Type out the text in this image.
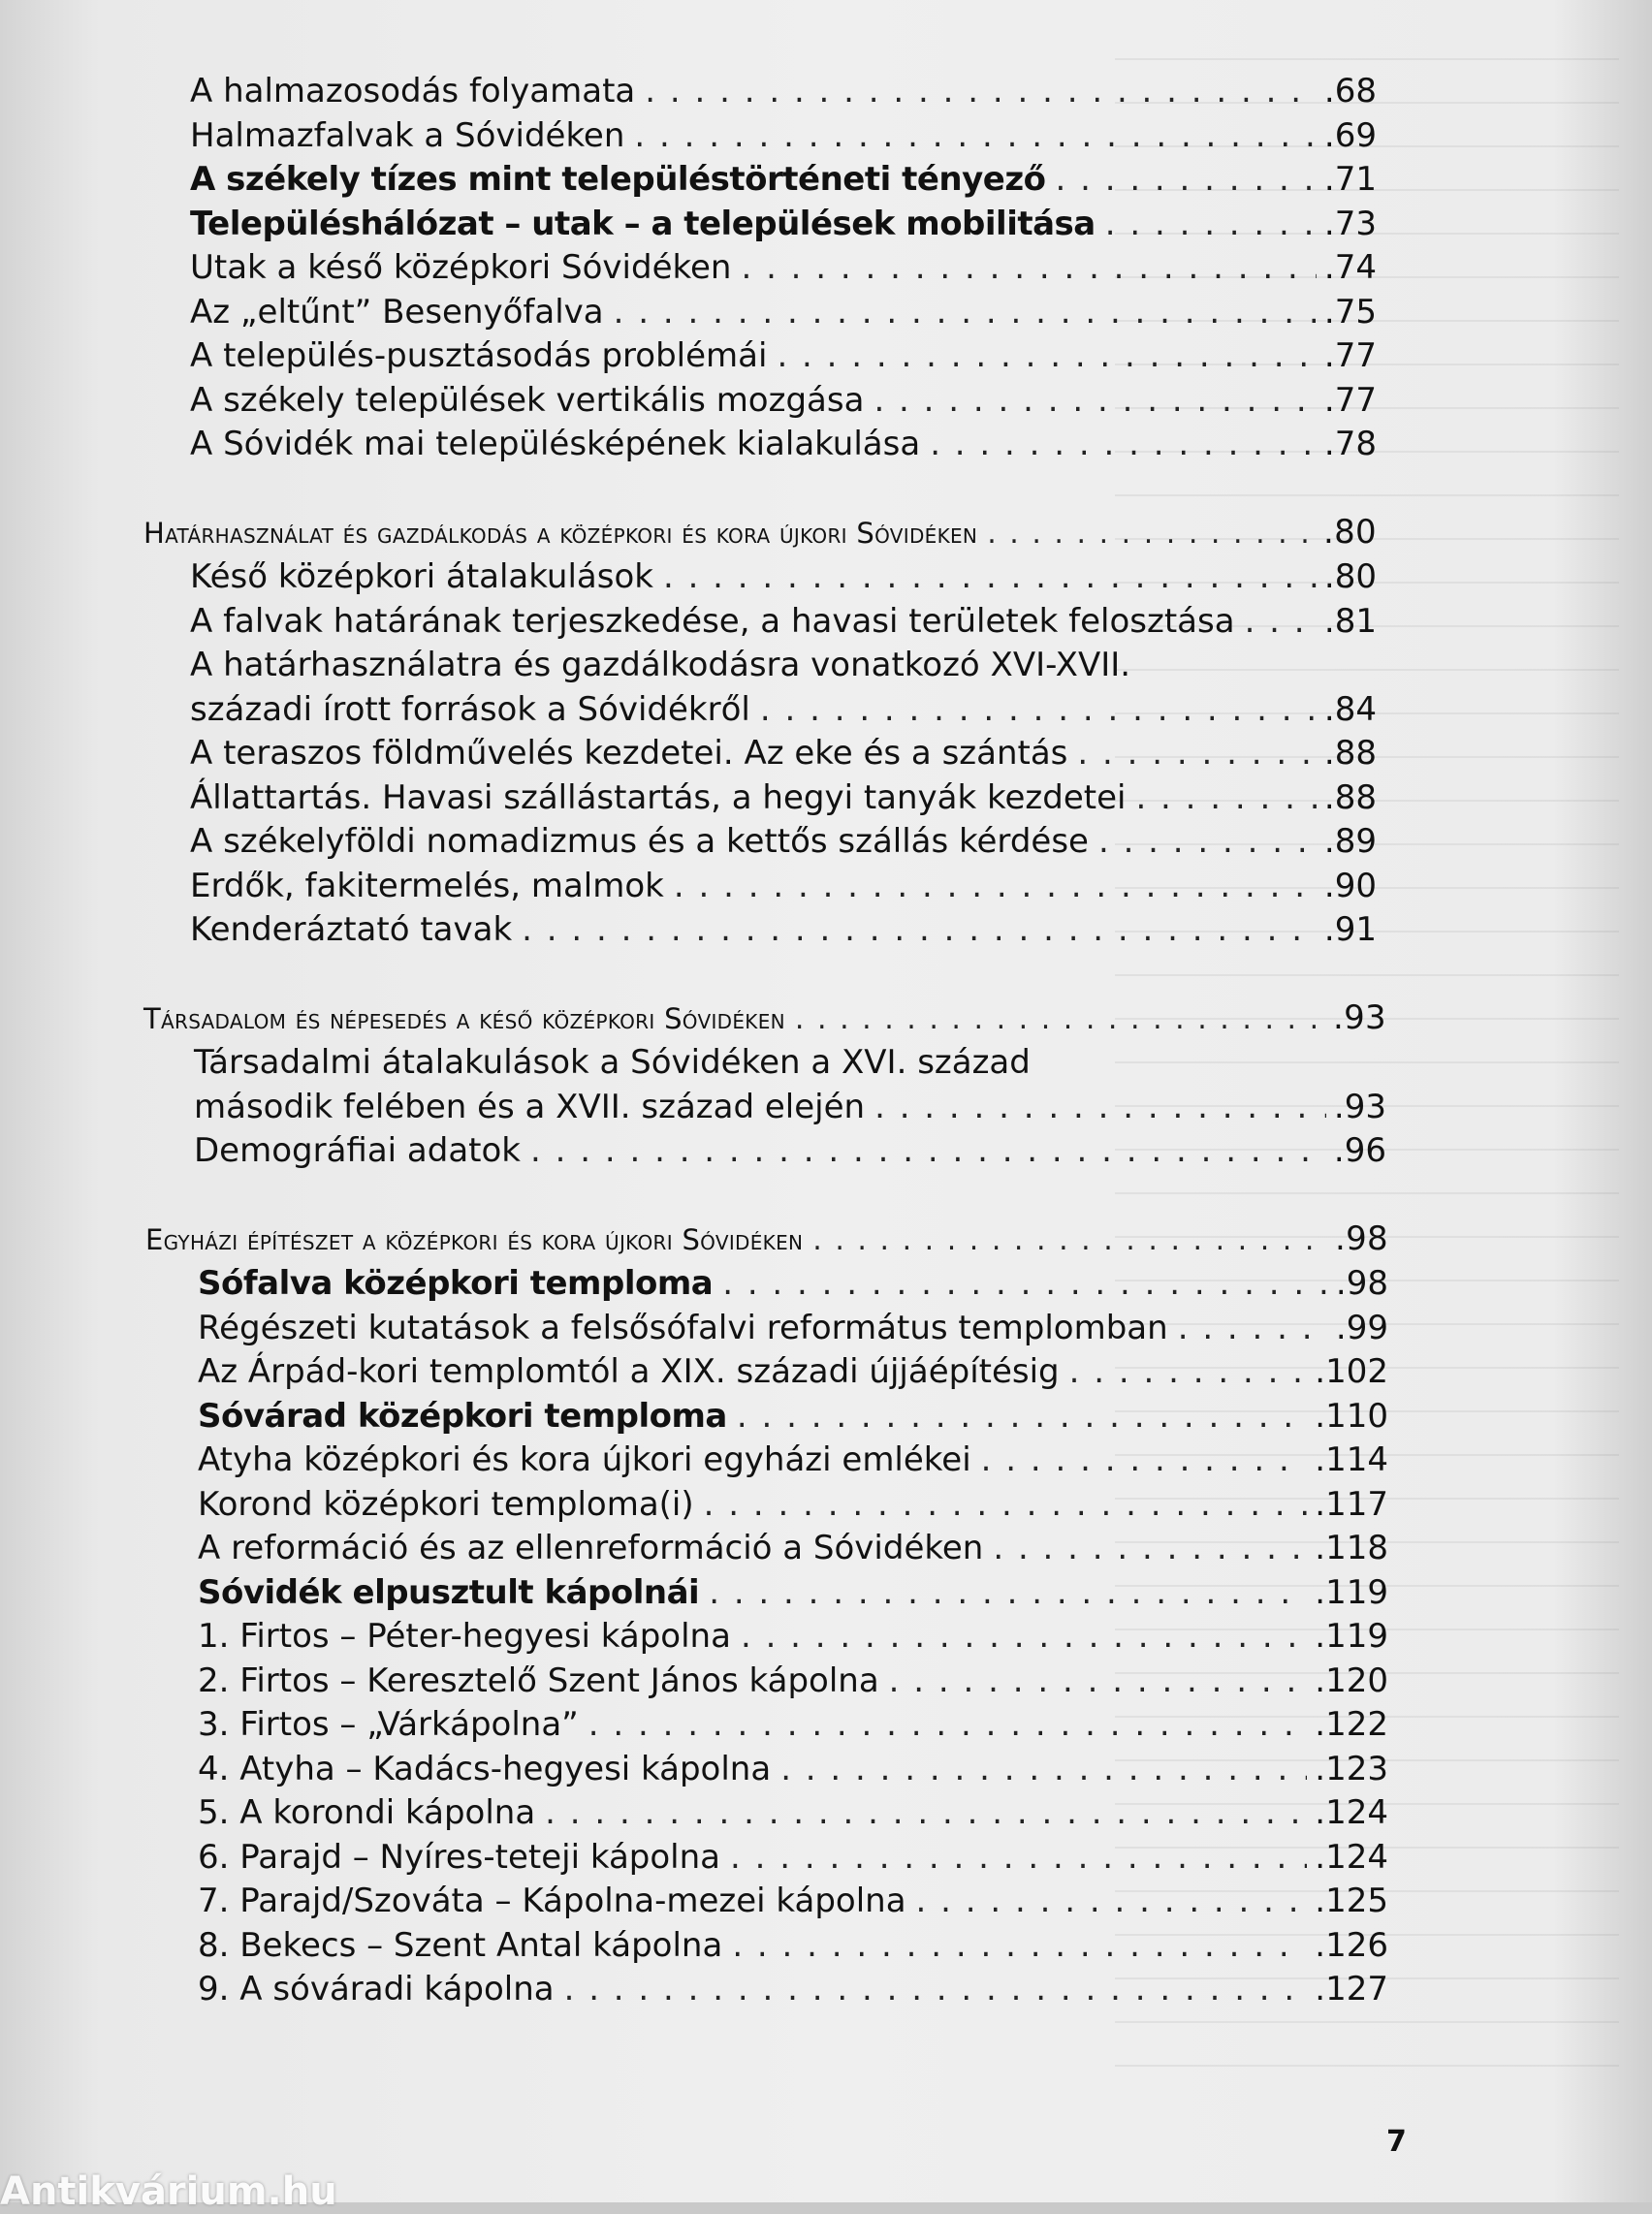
A halmazosodás folyamata . . .	.68
Halmazfalvak a Sóvidéken . . .	.69
A székely tízes mint településtörténeti tényező . . .	.71
Településhálózat – utak – a települések mobilitása . . .	.73
Utak a késő középkori Sóvidéken . . .	.74
Az „eltűnt” Besenyőfalva . . .	.75
A település-pusztásodás problémái . . .	.77
A székely települések vertikális mozgása . . .	.77
A Sóvidék mai településképének kialakulása . . .	.78
Határhasználat és gazdálkodás a középkori és kora újkori Sóvidéken . . .	.80
Késő középkori átalakulások . . .	.80
A falvak határának terjeszkedése, a havasi területek felosztása . . .	.81
A határhasználatra és gazdálkodásra vonatkozó XVI-XVII.
századi írott források a Sóvidékről . . .	.84
A teraszos földművelés kezdetei. Az eke és a szántás . . .	.88
Állattartás. Havasi szállástartás, a hegyi tanyák kezdetei . . .	.88
A székelyföldi nomadizmus és a kettős szállás kérdése . . .	.89
Erdők, fakitermelés, malmok . . .	.90
Kenderáztató tavak . . .	.91
Társadalom és népesedés a késő középkori Sóvidéken . . .	.93
Társadalmi átalakulások a Sóvidéken a XVI. század
második felében és a XVII. század elején . . .	.93
Demográfiai adatok . . .	.96
Egyházi építészet a középkori és kora újkori Sóvidéken . . .	.98
Sófalva középkori temploma . . .	.98
Régészeti kutatások a felsősófalvi református templomban . . .	.99
Az Árpád-kori templomtól a XIX. századi újjáépítésig . . .	.102
Sóvárad középkori temploma . . .	.110
Atyha középkori és kora újkori egyházi emlékei . . .	.114
Korond középkori temploma(i) . . .	.117
A reformáció és az ellenreformáció a Sóvidéken . . .	.118
Sóvidék elpusztult kápolnái . . .	.119
1. Firtos – Péter-hegyesi kápolna . . .	.119
2. Firtos – Keresztelő Szent János kápolna . . .	.120
3. Firtos – „Várkápolna” . . .	.122
4. Atyha – Kadács-hegyesi kápolna . . .	.123
5. A korondi kápolna . . .	.124
6. Parajd – Nyíres-teteji kápolna . . .	.124
7. Parajd/Szováta – Kápolna-mezei kápolna . . .	.125
8. Bekecs – Szent Antal kápolna . . .	.126
9. A sóváradi kápolna . . .	.127
7
Antikvárium.hu
